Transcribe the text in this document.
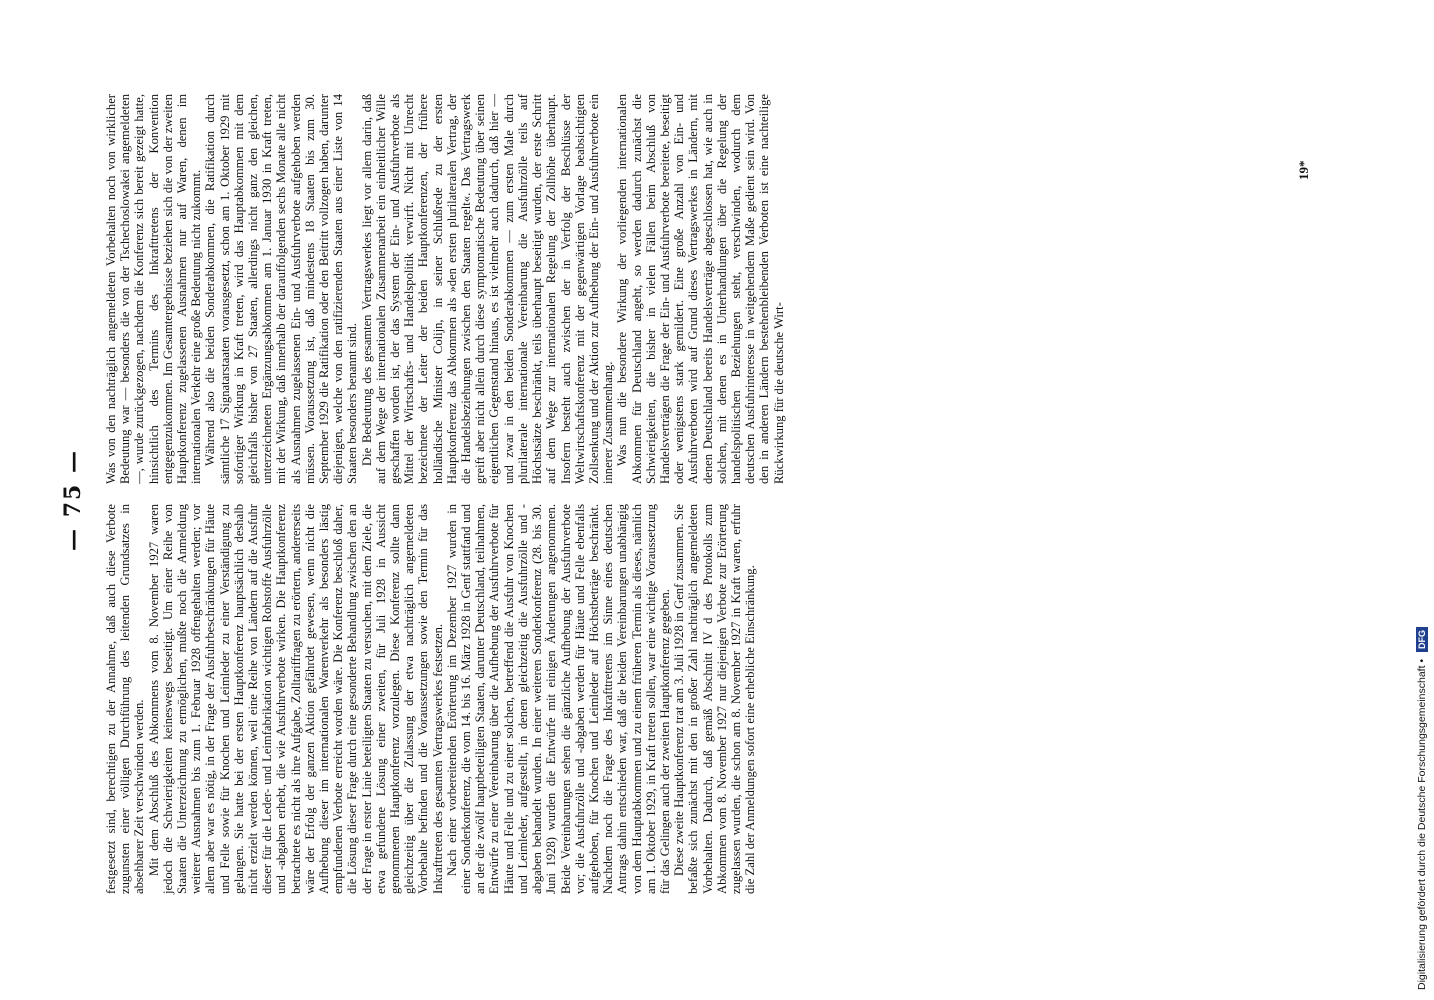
— 75 —

festgesetzt sind, berechtigen zu der Annahme, daß auch diese Verbote zugunsten einer völligen Durchführung des leitenden Grundsatzes in absehbarer Zeit verschwinden werden. Mit dem Abschluß des Abkommens vom 8. November 1927 waren jedoch die Schwierigkeiten keineswegs beseitigt. Um einer Reihe von Staaten die Unterzeichnung zu ermöglichen, mußte noch die Anmeldung weiterer Ausnahmen bis zum 1. Februar 1928 offengehalten werden; vor allem aber war es nötig, in der Frage der Ausfuhrbeschränkungen für Häute und Felle sowie für Knochen und Leimleder zu einer Verständigung zu gelangen. Sie hatte bei der ersten Hauptkonferenz hauptsächlich deshalb nicht erzielt werden können, weil eine Reihe von Ländern auf die Ausfuhr dieser für die Leder- und Leimfabrikation wichtigen Rohstoffe Ausfuhrzölle und -abgaben erhebt, die wie Ausfuhrverbote wirken. Die Hauptkonferenz betrachtete es nicht als ihre Aufgabe, Zolltariffragen zu erörtern, andererseits wäre der Erfolg der ganzen Aktion gefährdet gewesen, wenn nicht die Aufhebung dieser im internationalen Warenverkehr als besonders lästig empfundenen Verbote erreicht worden wäre. Die Konferenz beschloß daher, die Lösung dieser Frage durch eine gesonderte Behandlung zwischen den an der Frage in erster Linie beteiligten Staaten zu versuchen, mit dem Ziele, die etwa gefundene Lösung einer zweiten, für Juli 1928 in Aussicht genommenen Hauptkonferenz vorzulegen. Diese Konferenz sollte dann gleichzeitig über die Zulassung der etwa nachträglich angemeldeten Vorbehalte befinden und die Voraussetzungen sowie den Termin für das Inkrafttreten des gesamten Vertragswerkes festsetzen. Nach einer vorbereitenden Erörterung im Dezember 1927 wurden in einer Sonderkonferenz, die vom 14. bis 16. März 1928 in Genf stattfand und an der die zwölf hauptbeteiligten Staaten, darunter Deutschland, teilnahmen, Entwürfe zu einer Vereinbarung über die Aufhebung der Ausfuhrverbote für Häute und Felle und zu einer solchen, betreffend die Ausfuhr von Knochen und Leimleder, aufgestellt, in denen gleichzeitig die Ausfuhrzölle und -abgaben behandelt wurden. In einer weiteren Sonderkonferenz (28. bis 30. Juni 1928) wurden die Entwürfe mit einigen Änderungen angenommen. Beide Vereinbarungen sehen die gänzliche Aufhebung der Ausfuhrverbote vor; die Ausfuhrzölle und -abgaben werden für Häute und Felle ebenfalls aufgehoben, für Knochen und Leimleder auf Höchstbeträge beschränkt. Nachdem noch die Frage des Inkrafttretens im Sinne eines deutschen Antrags dahin entschieden war, daß die beiden Vereinbarungen unabhängig von dem Hauptabkommen und zu einem früheren Termin als dieses, nämlich am 1. Oktober 1929, in Kraft treten sollen, war eine wichtige Voraussetzung für das Gelingen auch der zweiten Hauptkonferenz gegeben. Diese zweite Hauptkonferenz trat am 3. Juli 1928 in Genf zusammen. Sie befaßte sich zunächst mit den in großer Zahl nachträglich angemeldeten Vorbehalten. Dadurch, daß gemäß Abschnitt IV d des Protokolls zum Abkommen vom 8. November 1927 nur diejenigen Verbote zur Erörterung zugelassen wurden, die schon am 8. November 1927 in Kraft waren, erfuhr die Zahl der Anmeldungen sofort eine erhebliche Einschränkung.

Was von den nachträglich angemeldeten Vorbehalten noch von wirklicher Bedeutung war — besonders die von der Tschechoslowakei angemeldeten —, wurde zurückgezogen, nachdem die Konferenz sich bereit gezeigt hatte, hinsichtlich des Termins des Inkrafttretens der Konvention entgegenzukommen. Im Gesamtergebnisse beziehen sich die von der zweiten Hauptkonferenz zugelassenen Ausnahmen nur auf Waren, denen im internationalen Verkehr eine große Bedeutung nicht zukommt. Während also die beiden Sonderabkommen, die Ratifikation durch sämtliche 17 Signatarstaaten vorausgesetzt, schon am 1. Oktober 1929 mit sofortiger Wirkung in Kraft treten, wird das Hauptabkommen mit dem gleichfalls bisher von 27 Staaten, allerdings nicht ganz den gleichen, unterzeichneten Ergänzungsabkommen am 1. Januar 1930 in Kraft treten, mit der Wirkung, daß innerhalb der darauffolgenden sechs Monate alle nicht als Ausnahmen zugelassenen Ein- und Ausfuhrverbote aufgehoben werden müssen. Voraussetzung ist, daß mindestens 18 Staaten bis zum 30. September 1929 die Ratifikation oder den Beitritt vollzogen haben, darunter diejenigen, welche von den ratifizierenden Staaten aus einer Liste von 14 Staaten besonders benannt sind. Die Bedeutung des gesamten Vertragswerkes liegt vor allem darin, daß auf dem Wege der internationalen Zusammenarbeit ein einheitlicher Wille geschaffen worden ist, der das System der Ein- und Ausfuhrverbote als Mittel der Wirtschafts- und Handelspolitik verwirft. Nicht mit Unrecht bezeichnete der Leiter der beiden Hauptkonferenzen, der frühere holländische Minister Colijn, in seiner Schlußrede zu der ersten Hauptkonferenz das Abkommen als »den ersten plurilateralen Vertrag, der die Handelsbeziehungen zwischen den Staaten regelt«. Das Vertragswerk greift aber nicht allein durch diese symptomatische Bedeutung über seinen eigentlichen Gegenstand hinaus, es ist vielmehr auch dadurch, daß hier — und zwar in den beiden Sonderabkommen — zum ersten Male durch plurilaterale internationale Vereinbarung die Ausfuhrzölle teils auf Höchstsätze beschränkt, teils überhaupt beseitigt wurden, der erste Schritt auf dem Wege zur internationalen Regelung der Zollhöhe überhaupt. Insofern besteht auch zwischen der in Verfolg der Beschlüsse der Weltwirtschaftskonferenz mit der gegenwärtigen Vorlage beabsichtigten Zollsenkung und der Aktion zur Aufhebung der Ein- und Ausfuhrverbote ein innerer Zusammenhang. Was nun die besondere Wirkung der vorliegenden internationalen Abkommen für Deutschland angeht, so werden dadurch zunächst die Schwierigkeiten, die bisher in vielen Fällen beim Abschluß von Handelsverträgen die Frage der Ein- und Ausfuhrverbote bereitete, beseitigt oder wenigstens stark gemildert. Eine große Anzahl von Ein- und Ausfuhrverboten wird auf Grund dieses Vertragswerkes in Ländern, mit denen Deutschland bereits Handelsverträge abgeschlossen hat, wie auch in solchen, mit denen es in Unterhandlungen über die Regelung der handelspolitischen Beziehungen steht, verschwinden, wodurch dem deutschen Ausfuhrinteresse in weitgehendem Maße gedient sein wird. Von den in anderen Ländern bestehenbleibenden Verboten ist eine nachteilige Rückwirkung für die deutsche Wirt-

19*
Digitalisierung gefördert durch die Deutsche Forschungsgemeinschaft • DFG
